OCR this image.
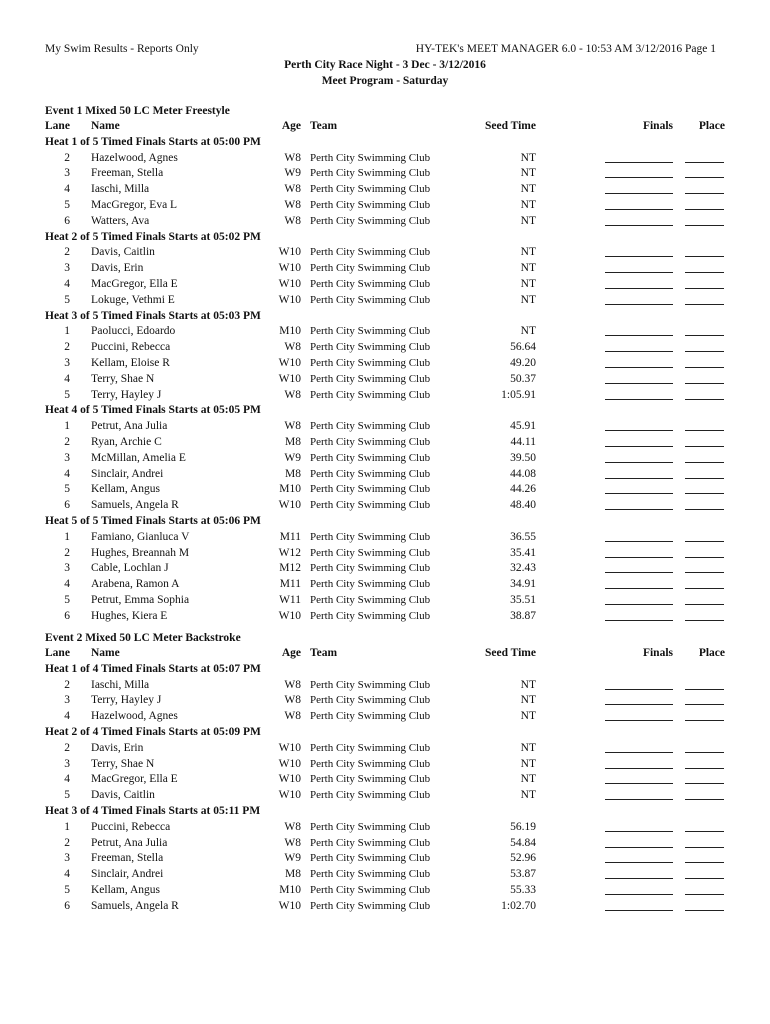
My Swim Results - Reports Only	HY-TEK's MEET MANAGER 6.0 - 10:53 AM 3/12/2016 Page 1
Perth City Race Night - 3 Dec - 3/12/2016
Meet Program - Saturday
Event 1 Mixed 50 LC Meter Freestyle
Lane Name	Age Team	Seed Time	Finals	Place
Heat 1 of 5 Timed Finals Starts at 05:00 PM
2 Hazelwood, Agnes	W8 Perth City Swimming Club	NT
3 Freeman, Stella	W9 Perth City Swimming Club	NT
4 Iaschi, Milla	W8 Perth City Swimming Club	NT
5 MacGregor, Eva L	W8 Perth City Swimming Club	NT
6 Watters, Ava	W8 Perth City Swimming Club	NT
Heat 2 of 5 Timed Finals Starts at 05:02 PM
2 Davis, Caitlin	W10 Perth City Swimming Club	NT
3 Davis, Erin	W10 Perth City Swimming Club	NT
4 MacGregor, Ella E	W10 Perth City Swimming Club	NT
5 Lokuge, Vethmi E	W10 Perth City Swimming Club	NT
Heat 3 of 5 Timed Finals Starts at 05:03 PM
1 Paolucci, Edoardo	M10 Perth City Swimming Club	NT
2 Puccini, Rebecca	W8 Perth City Swimming Club	56.64
3 Kellam, Eloise R	W10 Perth City Swimming Club	49.20
4 Terry, Shae N	W10 Perth City Swimming Club	50.37
5 Terry, Hayley J	W8 Perth City Swimming Club	1:05.91
Heat 4 of 5 Timed Finals Starts at 05:05 PM
1 Petrut, Ana Julia	W8 Perth City Swimming Club	45.91
2 Ryan, Archie C	M8 Perth City Swimming Club	44.11
3 McMillan, Amelia E	W9 Perth City Swimming Club	39.50
4 Sinclair, Andrei	M8 Perth City Swimming Club	44.08
5 Kellam, Angus	M10 Perth City Swimming Club	44.26
6 Samuels, Angela R	W10 Perth City Swimming Club	48.40
Heat 5 of 5 Timed Finals Starts at 05:06 PM
1 Famiano, Gianluca V	M11 Perth City Swimming Club	36.55
2 Hughes, Breannah M	W12 Perth City Swimming Club	35.41
3 Cable, Lochlan J	M12 Perth City Swimming Club	32.43
4 Arabena, Ramon A	M11 Perth City Swimming Club	34.91
5 Petrut, Emma Sophia	W11 Perth City Swimming Club	35.51
6 Hughes, Kiera E	W10 Perth City Swimming Club	38.87
Event 2 Mixed 50 LC Meter Backstroke
Lane Name	Age Team	Seed Time	Finals	Place
Heat 1 of 4 Timed Finals Starts at 05:07 PM
2 Iaschi, Milla	W8 Perth City Swimming Club	NT
3 Terry, Hayley J	W8 Perth City Swimming Club	NT
4 Hazelwood, Agnes	W8 Perth City Swimming Club	NT
Heat 2 of 4 Timed Finals Starts at 05:09 PM
2 Davis, Erin	W10 Perth City Swimming Club	NT
3 Terry, Shae N	W10 Perth City Swimming Club	NT
4 MacGregor, Ella E	W10 Perth City Swimming Club	NT
5 Davis, Caitlin	W10 Perth City Swimming Club	NT
Heat 3 of 4 Timed Finals Starts at 05:11 PM
1 Puccini, Rebecca	W8 Perth City Swimming Club	56.19
2 Petrut, Ana Julia	W8 Perth City Swimming Club	54.84
3 Freeman, Stella	W9 Perth City Swimming Club	52.96
4 Sinclair, Andrei	M8 Perth City Swimming Club	53.87
5 Kellam, Angus	M10 Perth City Swimming Club	55.33
6 Samuels, Angela R	W10 Perth City Swimming Club	1:02.70
